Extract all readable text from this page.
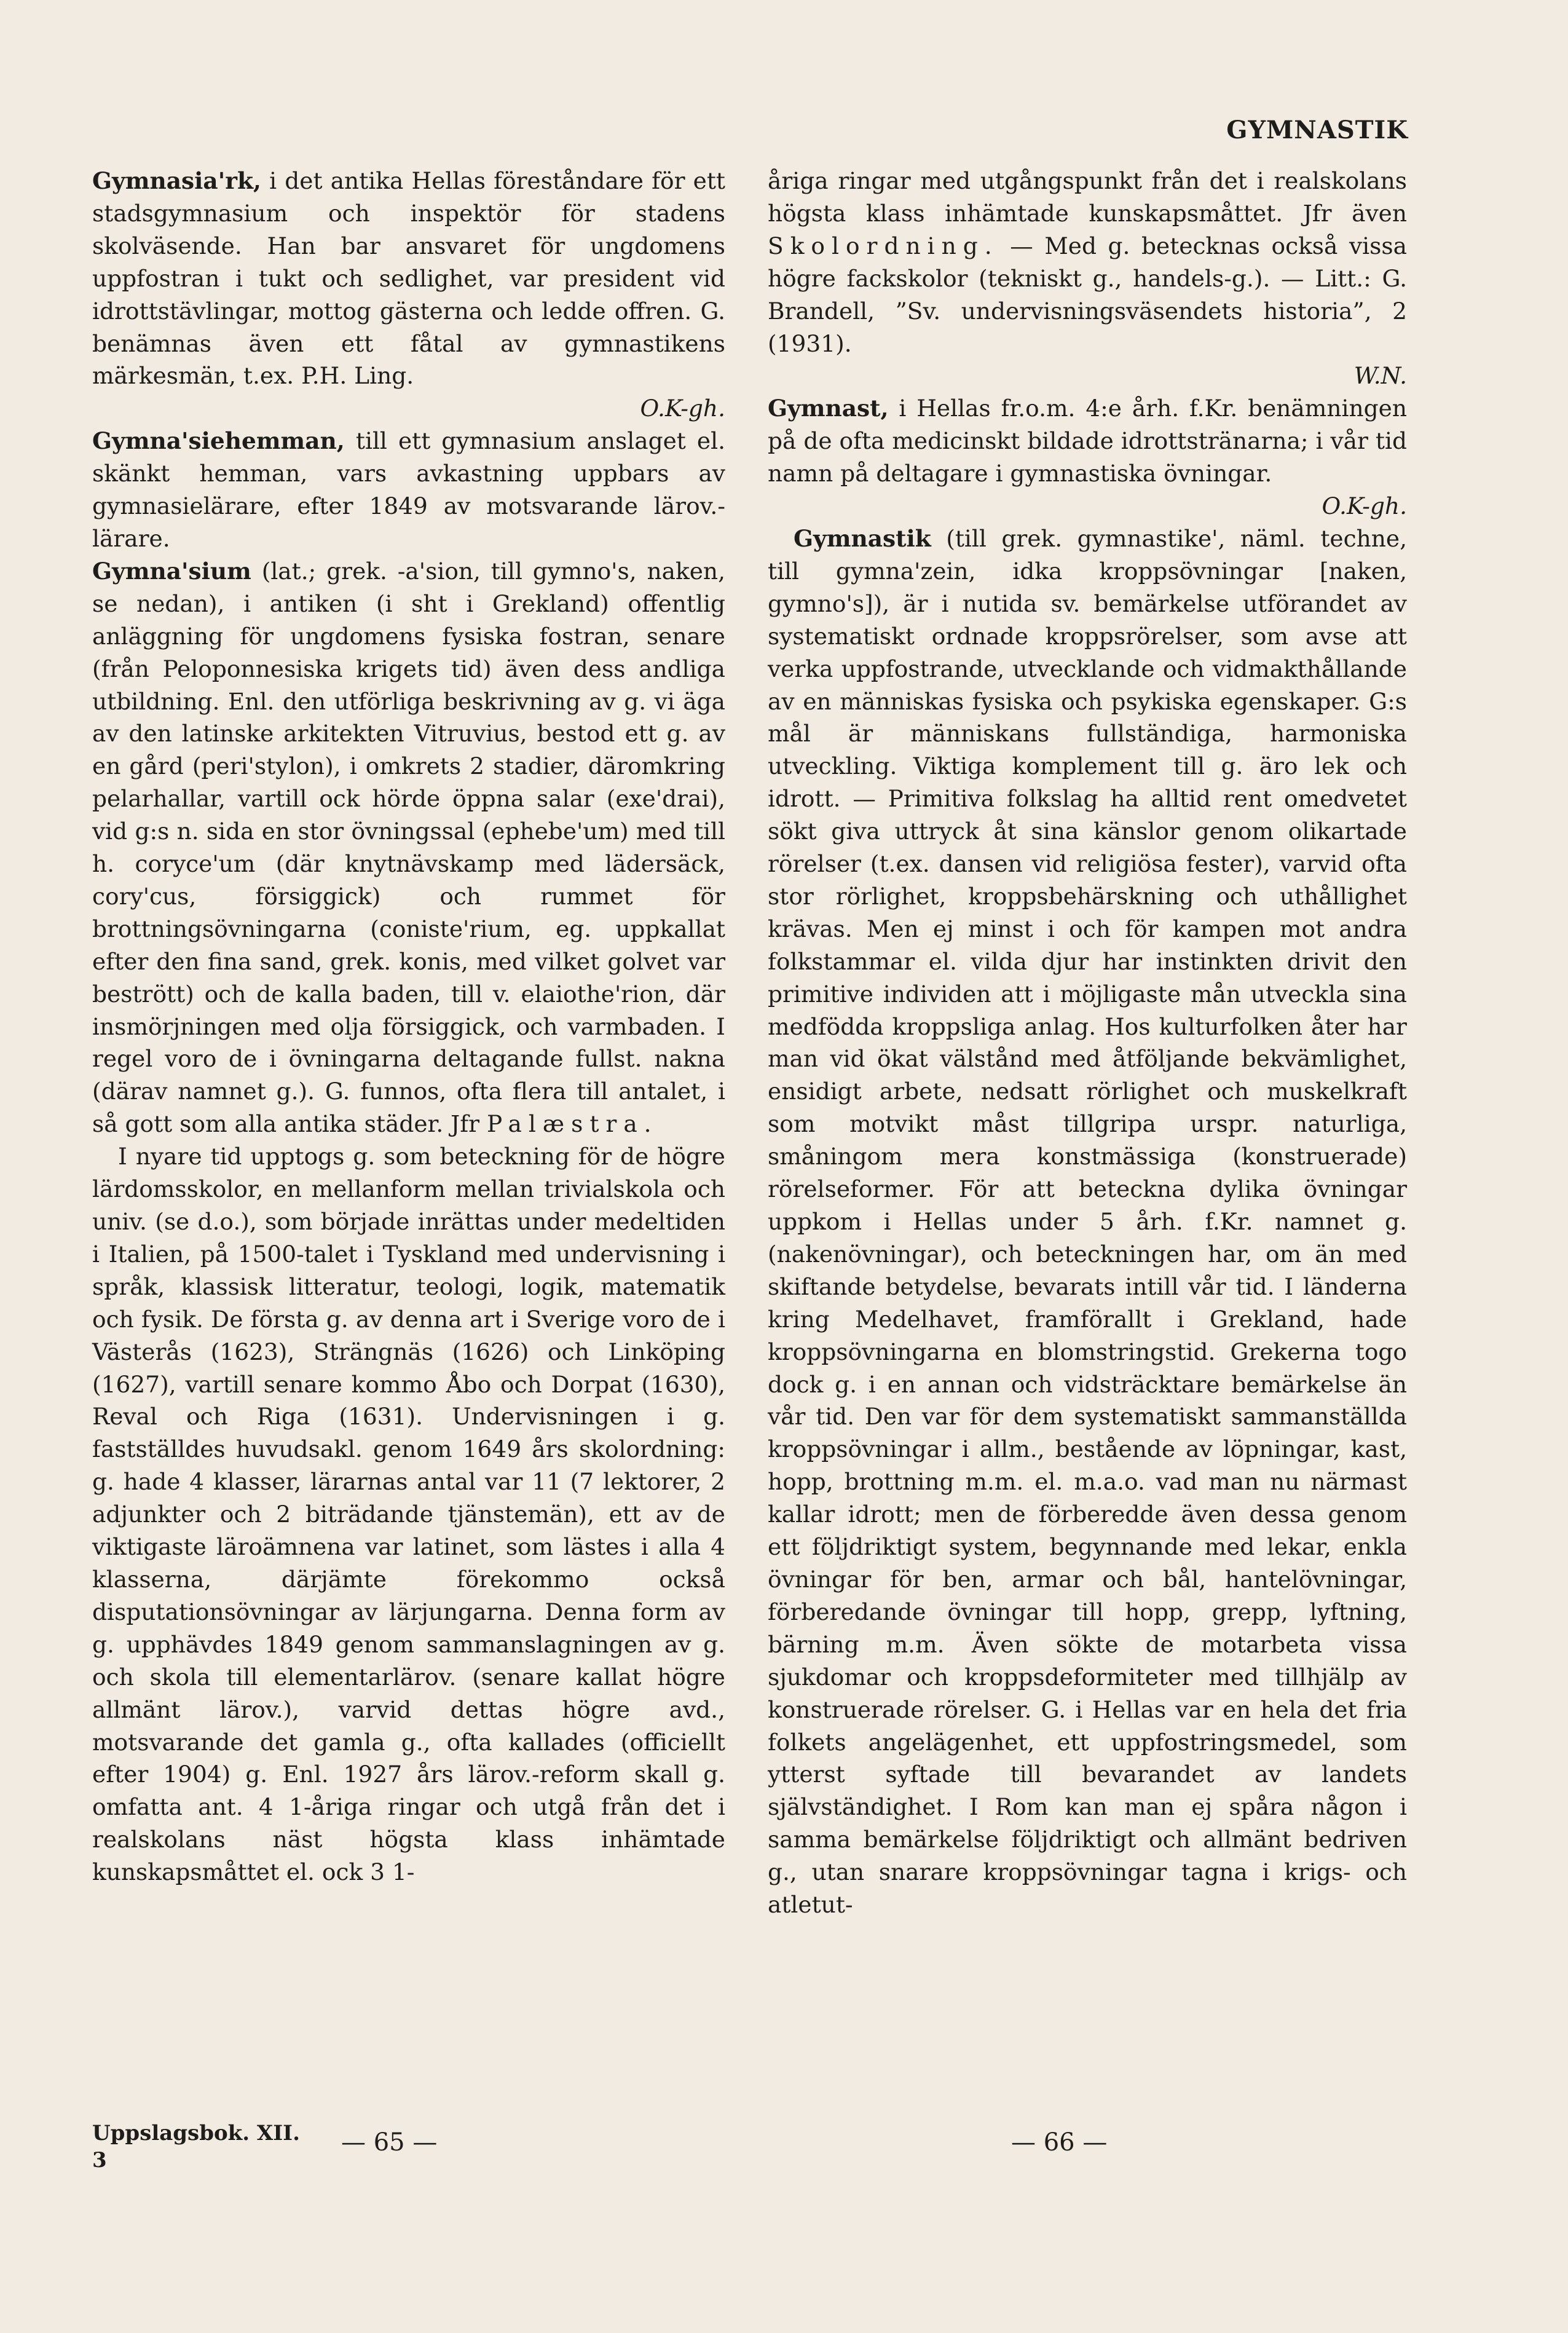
GYMNASTIK

Gymnasia'rk, i det antika Hellas föreståndare för ett stadsgymnasium och inspektör för stadens skolväsende. Han bar ansvaret för ungdomens uppfostran i tukt och sedlighet, var president vid idrottstävlingar, mottog gästerna och ledde offren. G. benämnas även ett fåtal av gymnastikens märkesmän, t.ex. P.H. Ling.
O.K-gh.

Gymna'siehemman, till ett gymnasium anslaget el. skänkt hemman, vars avkastning uppbars av gymnasielärare, efter 1849 av motsvarande lärov.-lärare.

Gymna'sium (lat.; grek. -a'sion, till gymno's, naken, se nedan), i antiken (i sht i Grekland) offentlig anläggning för ungdomens fysiska fostran, senare (från Peloponnesiska krigets tid) även dess andliga utbildning. Enl. den utförliga beskrivning av g. vi äga av den latinske arkitekten Vitruvius, bestod ett g. av en gård (peri'stylon), i omkrets 2 stadier, däromkring pelarhallar, vartill ock hörde öppna salar (exe'drai), vid g:s n. sida en stor övningssal (ephebe'um) med till h. coryce'um (där knytnävskamp med lädersäck, cory'cus, försiggick) och rummet för brottningsövningarna (coniste'rium, eg. uppkallat efter den fina sand, grek. konis, med vilket golvet var bestrött) och de kalla baden, till v. elaiothe'rion, där insmörjningen med olja försiggick, och varmbaden. I regel voro de i övningarna deltagande fullst. nakna (därav namnet g.). G. funnos, ofta flera till antalet, i så gott som alla antika städer. Jfr Palæstra.

I nyare tid upptogs g. som beteckning för de högre lärdomsskolor, en mellanform mellan trivialskola och univ. (se d.o.), som började inrättas under medeltiden i Italien, på 1500-talet i Tyskland med undervisning i språk, klassisk litteratur, teologi, logik, matematik och fysik. De första g. av denna art i Sverige voro de i Västerås (1623), Strängnäs (1626) och Linköping (1627), vartill senare kommo Åbo och Dorpat (1630), Reval och Riga (1631). Undervisningen i g. fastställdes huvudsakl. genom 1649 års skolordning: g. hade 4 klasser, lärarnas antal var 11 (7 lektorer, 2 adjunkter och 2 biträdande tjänstemän), ett av de viktigaste läroämnena var latinet, som lästes i alla 4 klasserna, därjämte förekommo också disputationsövningar av lärjungarna. Denna form av g. upphävdes 1849 genom sammanslagningen av g. och skola till elementarlärov. (senare kallat högre allmänt lärov.), varvid dettas högre avd., motsvarande det gamla g., ofta kallades (officiellt efter 1904) g. Enl. 1927 års lärov.-reform skall g. omfatta ant. 4 1-åriga ringar och utgå från det i realskolans näst högsta klass inhämtade kunskapsmåttet el. ock 3 1-

åriga ringar med utgångspunkt från det i realskolans högsta klass inhämtade kunskapsmåttet. Jfr även Skolordning. — Med g. betecknas också vissa högre fackskolor (tekniskt g., handels-g.). — Litt.: G. Brandell, ”Sv. undervisningsväsendets historia”, 2 (1931).
W.N.

Gymnast, i Hellas fr.o.m. 4:e årh. f.Kr. benämningen på de ofta medicinskt bildade idrottstränarna; i vår tid namn på deltagare i gymnastiska övningar.
O.K-gh.

Gymnastik (till grek. gymnastike', näml. techne, till gymna'zein, idka kroppsövningar [naken, gymno's]), är i nutida sv. bemärkelse utförandet av systematiskt ordnade kroppsrörelser, som avse att verka uppfostrande, utvecklande och vidmakthållande av en människas fysiska och psykiska egenskaper. G:s mål är människans fullständiga, harmoniska utveckling. Viktiga komplement till g. äro lek och idrott. — Primitiva folkslag ha alltid rent omedvetet sökt giva uttryck åt sina känslor genom olikartade rörelser (t.ex. dansen vid religiösa fester), varvid ofta stor rörlighet, kroppsbehärskning och uthållighet krävas. Men ej minst i och för kampen mot andra folkstammar el. vilda djur har instinkten drivit den primitive individen att i möjligaste mån utveckla sina medfödda kroppsliga anlag. Hos kulturfolken åter har man vid ökat välstånd med åtföljande bekvämlighet, ensidigt arbete, nedsatt rörlighet och muskelkraft som motvikt måst tillgripa urspr. naturliga, småningom mera konstmässiga (konstruerade) rörelseformer. För att beteckna dylika övningar uppkom i Hellas under 5 årh. f.Kr. namnet g. (nakenövningar), och beteckningen har, om än med skiftande betydelse, bevarats intill vår tid. I länderna kring Medelhavet, framförallt i Grekland, hade kroppsövningarna en blomstringstid. Grekerna togo dock g. i en annan och vidsträcktare bemärkelse än vår tid. Den var för dem systematiskt sammanställda kroppsövningar i allm., bestående av löpningar, kast, hopp, brottning m.m. el. m.a.o. vad man nu närmast kallar idrott; men de förberedde även dessa genom ett följdriktigt system, begynnande med lekar, enkla övningar för ben, armar och bål, hantelövningar, förberedande övningar till hopp, grepp, lyftning, bärning m.m. Även sökte de motarbeta vissa sjukdomar och kroppsdeformiteter med tillhjälp av konstruerade rörelser. G. i Hellas var en hela det fria folkets angelägenhet, ett uppfostringsmedel, som ytterst syftade till bevarandet av landets självständighet. I Rom kan man ej spåra någon i samma bemärkelse följdriktigt och allmänt bedriven g., utan snarare kroppsövningar tagna i krigs- och atletut-

Uppslagsbok. XII.
3
— 65 —	— 66 —
